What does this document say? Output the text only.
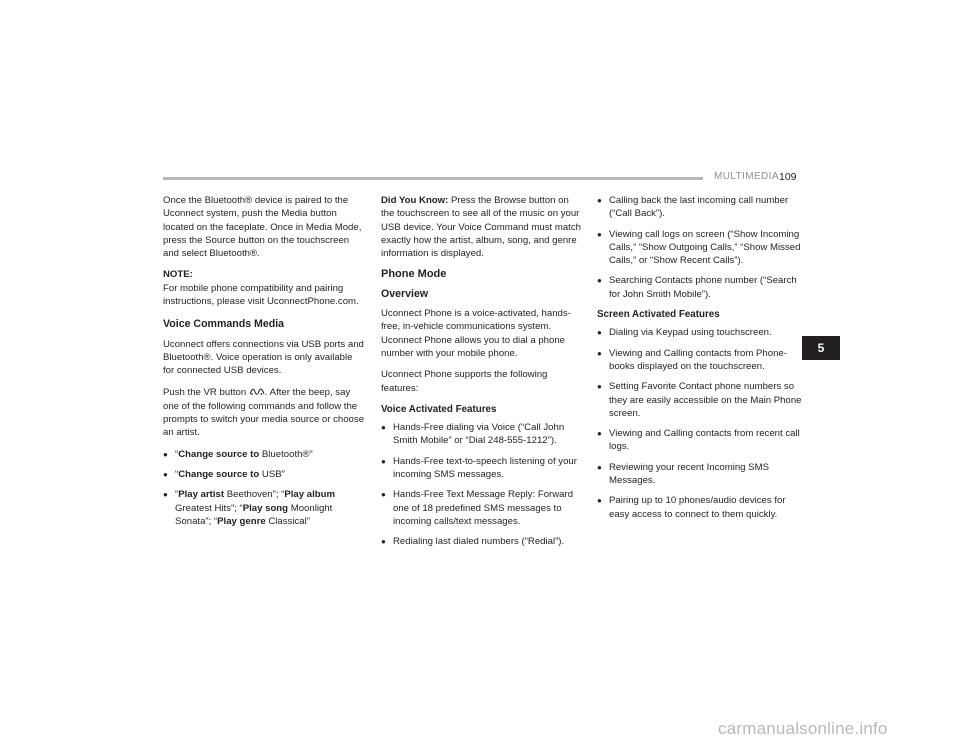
MULTIMEDIA 109

Once the Bluetooth® device is paired to the Uconnect system, push the Media button located on the faceplate. Once in Media Mode, press the Source button on the touchscreen and select Bluetooth®.

NOTE:
For mobile phone compatibility and pairing instructions, please visit UconnectPhone.com.

Voice Commands Media

Uconnect offers connections via USB ports and Bluetooth®. Voice operation is only available for connected USB devices.

Push the VR button . After the beep, say one of the following commands and follow the prompts to switch your media source or choose an artist.

● “Change source to Bluetooth®”
● “Change source to USB”
● “Play artist Beethoven”; “Play album Greatest Hits”; “Play song Moonlight Sonata”; “Play genre Classical”

Did You Know: Press the Browse button on the touchscreen to see all of the music on your USB device. Your Voice Command must match exactly how the artist, album, song, and genre information is displayed.

Phone Mode
Overview

Uconnect Phone is a voice-activated, hands-free, in-vehicle communications system. Uconnect Phone allows you to dial a phone number with your mobile phone.

Uconnect Phone supports the following features:

Voice Activated Features
● Hands-Free dialing via Voice (“Call John Smith Mobile” or “Dial 248-555-1212”).
● Hands-Free text-to-speech listening of your incoming SMS messages.
● Hands-Free Text Message Reply: Forward one of 18 predefined SMS messages to incoming calls/text messages.
● Redialing last dialed numbers (“Redial”).
● Calling back the last incoming call number (“Call Back”).
● Viewing call logs on screen (“Show Incoming Calls,” “Show Outgoing Calls,” “Show Missed Calls,” or “Show Recent Calls”).
● Searching Contacts phone number (“Search for John Smith Mobile”).
Screen Activated Features
● Dialing via Keypad using touchscreen.
● Viewing and Calling contacts from Phone-books displayed on the touchscreen.
● Setting Favorite Contact phone numbers so they are easily accessible on the Main Phone screen.
● Viewing and Calling contacts from recent call logs.
● Reviewing your recent Incoming SMS Messages.
● Pairing up to 10 phones/audio devices for easy access to connect to them quickly.
5
carmanualsonline.info
